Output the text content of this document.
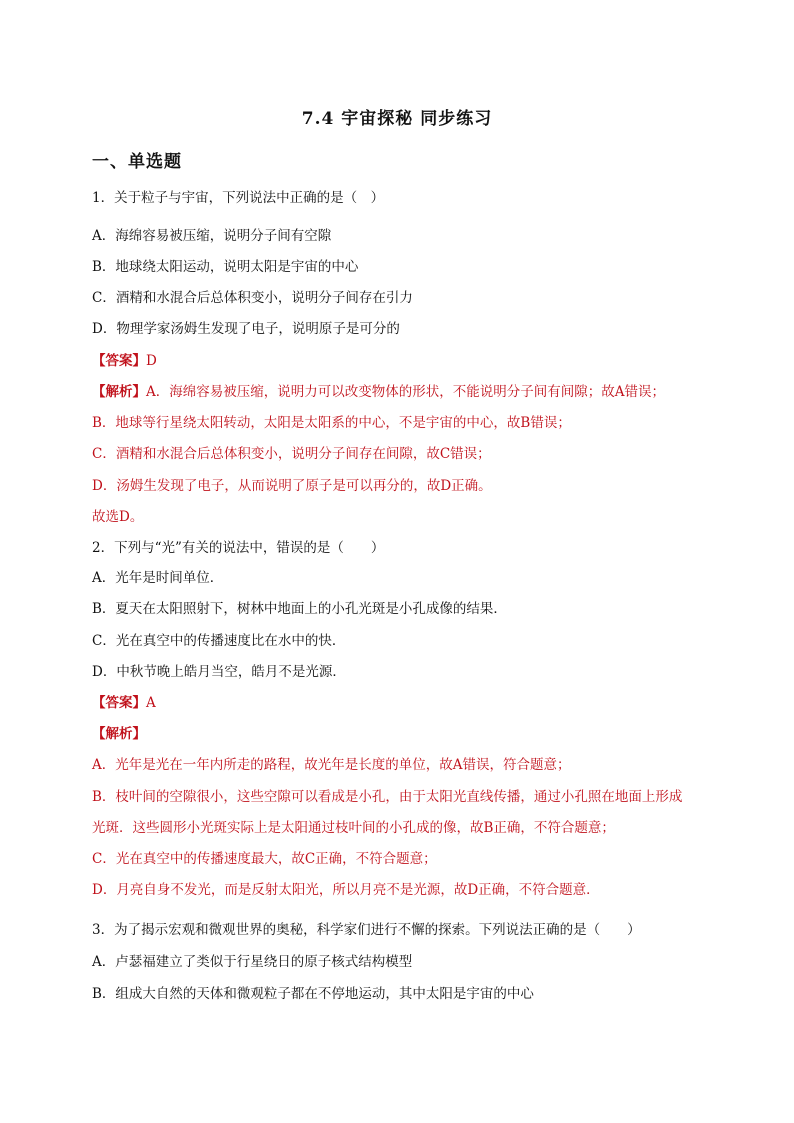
7.4 宇宙探秘 同步练习
一、单选题
1．关于粒子与宇宙，下列说法中正确的是（　）
A．海绵容易被压缩，说明分子间有空隙
B．地球绕太阳运动，说明太阳是宇宙的中心
C．酒精和水混合后总体积变小，说明分子间存在引力
D．物理学家汤姆生发现了电子，说明原子是可分的
【答案】D
【解析】A．海绵容易被压缩，说明力可以改变物体的形状，不能说明分子间有间隙；故A错误；
B．地球等行星绕太阳转动，太阳是太阳系的中心，不是宇宙的中心，故B错误；
C．酒精和水混合后总体积变小，说明分子间存在间隙，故C错误；
D．汤姆生发现了电子，从而说明了原子是可以再分的，故D正确。
故选D。
2．下列与“光”有关的说法中，错误的是（　　）
A．光年是时间单位．
B．夏天在太阳照射下，树林中地面上的小孔光斑是小孔成像的结果．
C．光在真空中的传播速度比在水中的快．
D．中秋节晚上皓月当空，皓月不是光源．
【答案】A
【解析】
A．光年是光在一年内所走的路程，故光年是长度的单位，故A错误，符合题意；
B．枝叶间的空隙很小，这些空隙可以看成是小孔，由于太阳光直线传播，通过小孔照在地面上形成
光斑．这些圆形小光斑实际上是太阳通过枝叶间的小孔成的像，故B正确，不符合题意；
C．光在真空中的传播速度最大，故C正确，不符合题意；
D．月亮自身不发光，而是反射太阳光，所以月亮不是光源，故D正确，不符合题意．
3．为了揭示宏观和微观世界的奥秘，科学家们进行不懈的探索。下列说法正确的是（　　）
A．卢瑟福建立了类似于行星绕日的原子核式结构模型
B．组成大自然的天体和微观粒子都在不停地运动，其中太阳是宇宙的中心
